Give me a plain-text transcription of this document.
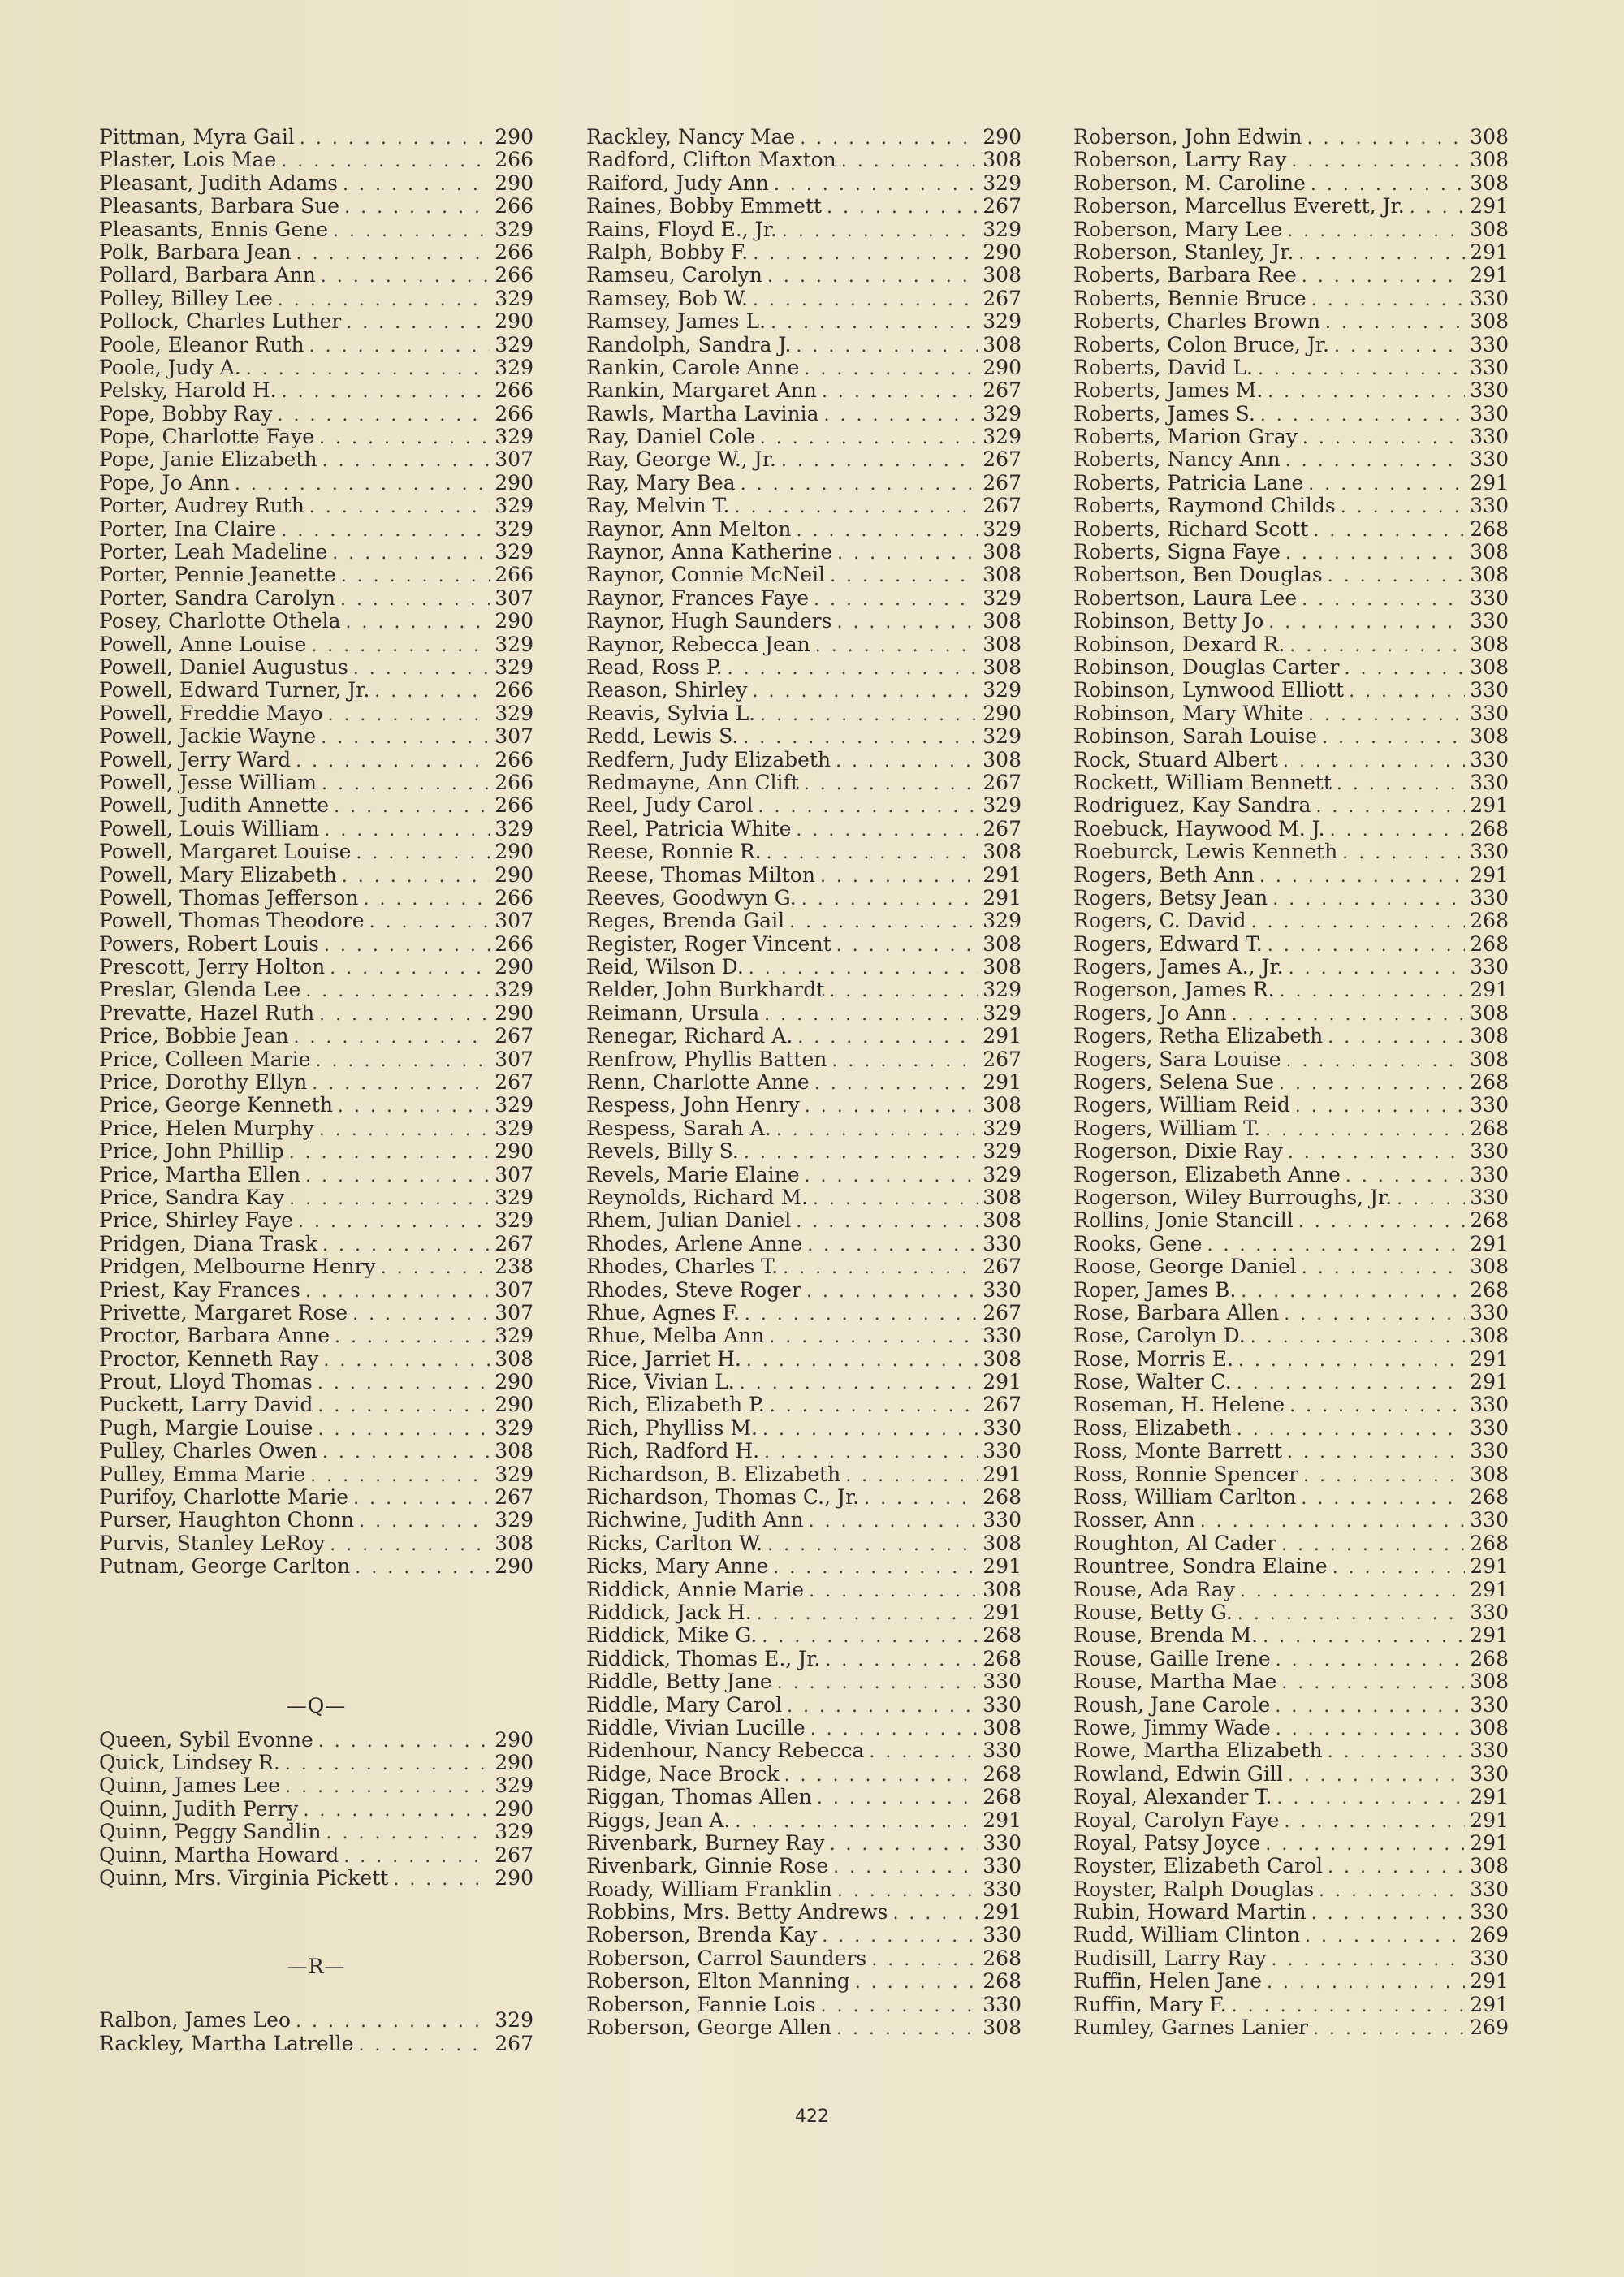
Pittman, Myra Gail . . .	290
Plaster, Lois Mae . . .	266
Pleasant, Judith Adams . . .	290
Pleasants, Barbara Sue . . .	266
Pleasants, Ennis Gene . . .	329
Polk, Barbara Jean . . .	266
Pollard, Barbara Ann . . .	266
Polley, Billey Lee . . .	329
Pollock, Charles Luther . . .	290
Poole, Eleanor Ruth . . .	329
Poole, Judy A. . . .	329
Pelsky, Harold H. . . .	266
Pope, Bobby Ray . . .	266
Pope, Charlotte Faye . . .	329
Pope, Janie Elizabeth . . .	307
Pope, Jo Ann . . .	290
Porter, Audrey Ruth . . .	329
Porter, Ina Claire . . .	329
Porter, Leah Madeline . . .	329
Porter, Pennie Jeanette . . .	266
Porter, Sandra Carolyn . . .	307
Posey, Charlotte Othela . . .	290
Powell, Anne Louise . . .	329
Powell, Daniel Augustus . . .	329
Powell, Edward Turner, Jr. . . .	266
Powell, Freddie Mayo . . .	329
Powell, Jackie Wayne . . .	307
Powell, Jerry Ward . . .	266
Powell, Jesse William . . .	266
Powell, Judith Annette . . .	266
Powell, Louis William . . .	329
Powell, Margaret Louise . . .	290
Powell, Mary Elizabeth . . .	290
Powell, Thomas Jefferson . . .	266
Powell, Thomas Theodore . . .	307
Powers, Robert Louis . . .	266
Prescott, Jerry Holton . . .	290
Preslar, Glenda Lee . . .	329
Prevatte, Hazel Ruth . . .	290
Price, Bobbie Jean . . .	267
Price, Colleen Marie . . .	307
Price, Dorothy Ellyn . . .	267
Price, George Kenneth . . .	329
Price, Helen Murphy . . .	329
Price, John Phillip . . .	290
Price, Martha Ellen . . .	307
Price, Sandra Kay . . .	329
Price, Shirley Faye . . .	329
Pridgen, Diana Trask . . .	267
Pridgen, Melbourne Henry . . .	238
Priest, Kay Frances . . .	307
Privette, Margaret Rose . . .	307
Proctor, Barbara Anne . . .	329
Proctor, Kenneth Ray . . .	308
Prout, Lloyd Thomas . . .	290
Puckett, Larry David . . .	290
Pugh, Margie Louise . . .	329
Pulley, Charles Owen . . .	308
Pulley, Emma Marie . . .	329
Purifoy, Charlotte Marie . . .	267
Purser, Haughton Chonn . . .	329
Purvis, Stanley LeRoy . . .	308
Putnam, George Carlton . . .	290
—Q—
Queen, Sybil Evonne . . .	290
Quick, Lindsey R. . . .	290
Quinn, James Lee . . .	329
Quinn, Judith Perry . . .	290
Quinn, Peggy Sandlin . . .	329
Quinn, Martha Howard . . .	267
Quinn, Mrs. Virginia Pickett . . .	290
—R—
Ralbon, James Leo . . .	329
Rackley, Martha Latrelle . . .	267
Rackley, Nancy Mae . . .	290
Radford, Clifton Maxton . . .	308
Raiford, Judy Ann . . .	329
Raines, Bobby Emmett . . .	267
Rains, Floyd E., Jr. . . .	329
Ralph, Bobby F. . . .	290
Ramseu, Carolyn . . .	308
Ramsey, Bob W. . . .	267
Ramsey, James L. . . .	329
Randolph, Sandra J. . . .	308
Rankin, Carole Anne . . .	290
Rankin, Margaret Ann . . .	267
Rawls, Martha Lavinia . . .	329
Ray, Daniel Cole . . .	329
Ray, George W., Jr. . . .	267
Ray, Mary Bea . . .	267
Ray, Melvin T. . . .	267
Raynor, Ann Melton . . .	329
Raynor, Anna Katherine . . .	308
Raynor, Connie McNeil . . .	308
Raynor, Frances Faye . . .	329
Raynor, Hugh Saunders . . .	308
Raynor, Rebecca Jean . . .	308
Read, Ross P. . . .	308
Reason, Shirley . . .	329
Reavis, Sylvia L. . . .	290
Redd, Lewis S. . . .	329
Redfern, Judy Elizabeth . . .	308
Redmayne, Ann Clift . . .	267
Reel, Judy Carol . . .	329
Reel, Patricia White . . .	267
Reese, Ronnie R. . . .	308
Reese, Thomas Milton . . .	291
Reeves, Goodwyn G. . . .	291
Reges, Brenda Gail . . .	329
Register, Roger Vincent . . .	308
Reid, Wilson D. . . .	308
Relder, John Burkhardt . . .	329
Reimann, Ursula . . .	329
Renegar, Richard A. . . .	291
Renfrow, Phyllis Batten . . .	267
Renn, Charlotte Anne . . .	291
Respess, John Henry . . .	308
Respess, Sarah A. . . .	329
Revels, Billy S. . . .	329
Revels, Marie Elaine . . .	329
Reynolds, Richard M. . . .	308
Rhem, Julian Daniel . . .	308
Rhodes, Arlene Anne . . .	330
Rhodes, Charles T. . . .	267
Rhodes, Steve Roger . . .	330
Rhue, Agnes F. . . .	267
Rhue, Melba Ann . . .	330
Rice, Jarriet H. . . .	308
Rice, Vivian L. . . .	291
Rich, Elizabeth P. . . .	267
Rich, Phylliss M. . . .	330
Rich, Radford H. . . .	330
Richardson, B. Elizabeth . . .	291
Richardson, Thomas C., Jr. . . .	268
Richwine, Judith Ann . . .	330
Ricks, Carlton W. . . .	308
Ricks, Mary Anne . . .	291
Riddick, Annie Marie . . .	308
Riddick, Jack H. . . .	291
Riddick, Mike G. . . .	268
Riddick, Thomas E., Jr. . . .	268
Riddle, Betty Jane . . .	330
Riddle, Mary Carol . . .	330
Riddle, Vivian Lucille . . .	308
Ridenhour, Nancy Rebecca . . .	330
Ridge, Nace Brock . . .	268
Riggan, Thomas Allen . . .	268
Riggs, Jean A. . . .	291
Rivenbark, Burney Ray . . .	330
Rivenbark, Ginnie Rose . . .	330
Roady, William Franklin . . .	330
Robbins, Mrs. Betty Andrews . . .	291
Roberson, Brenda Kay . . .	330
Roberson, Carrol Saunders . . .	268
Roberson, Elton Manning . . .	268
Roberson, Fannie Lois . . .	330
Roberson, George Allen . . .	308
Roberson, John Edwin . . .	308
Roberson, Larry Ray . . .	308
Roberson, M. Caroline . . .	308
Roberson, Marcellus Everett, Jr. . . .	291
Roberson, Mary Lee . . .	308
Roberson, Stanley, Jr. . . .	291
Roberts, Barbara Ree . . .	291
Roberts, Bennie Bruce . . .	330
Roberts, Charles Brown . . .	308
Roberts, Colon Bruce, Jr. . . .	330
Roberts, David L. . . .	330
Roberts, James M. . . .	330
Roberts, James S. . . .	330
Roberts, Marion Gray . . .	330
Roberts, Nancy Ann . . .	330
Roberts, Patricia Lane . . .	291
Roberts, Raymond Childs . . .	330
Roberts, Richard Scott . . .	268
Roberts, Signa Faye . . .	308
Robertson, Ben Douglas . . .	308
Robertson, Laura Lee . . .	330
Robinson, Betty Jo . . .	330
Robinson, Dexard R. . . .	308
Robinson, Douglas Carter . . .	308
Robinson, Lynwood Elliott . . .	330
Robinson, Mary White . . .	330
Robinson, Sarah Louise . . .	308
Rock, Stuard Albert . . .	330
Rockett, William Bennett . . .	330
Rodriguez, Kay Sandra . . .	291
Roebuck, Haywood M. J. . . .	268
Roeburck, Lewis Kenneth . . .	330
Rogers, Beth Ann . . .	291
Rogers, Betsy Jean . . .	330
Rogers, C. David . . .	268
Rogers, Edward T. . . .	268
Rogers, James A., Jr. . . .	330
Rogerson, James R. . . .	291
Rogers, Jo Ann . . .	308
Rogers, Retha Elizabeth . . .	308
Rogers, Sara Louise . . .	308
Rogers, Selena Sue . . .	268
Rogers, William Reid . . .	330
Rogers, William T. . . .	268
Rogerson, Dixie Ray . . .	330
Rogerson, Elizabeth Anne . . .	330
Rogerson, Wiley Burroughs, Jr. . . .	330
Rollins, Jonie Stancill . . .	268
Rooks, Gene . . .	291
Roose, George Daniel . . .	308
Roper, James B. . . .	268
Rose, Barbara Allen . . .	330
Rose, Carolyn D. . . .	308
Rose, Morris E. . . .	291
Rose, Walter C. . . .	291
Roseman, H. Helene . . .	330
Ross, Elizabeth . . .	330
Ross, Monte Barrett . . .	330
Ross, Ronnie Spencer . . .	308
Ross, William Carlton . . .	268
Rosser, Ann . . .	330
Roughton, Al Cader . . .	268
Rountree, Sondra Elaine . . .	291
Rouse, Ada Ray . . .	291
Rouse, Betty G. . . .	330
Rouse, Brenda M. . . .	291
Rouse, Gaille Irene . . .	268
Rouse, Martha Mae . . .	308
Roush, Jane Carole . . .	330
Rowe, Jimmy Wade . . .	308
Rowe, Martha Elizabeth . . .	330
Rowland, Edwin Gill . . .	330
Royal, Alexander T. . . .	291
Royal, Carolyn Faye . . .	291
Royal, Patsy Joyce . . .	291
Royster, Elizabeth Carol . . .	308
Royster, Ralph Douglas . . .	330
Rubin, Howard Martin . . .	330
Rudd, William Clinton . . .	269
Rudisill, Larry Ray . . .	330
Ruffin, Helen Jane . . .	291
Ruffin, Mary F. . . .	291
Rumley, Garnes Lanier . . .	269
422
